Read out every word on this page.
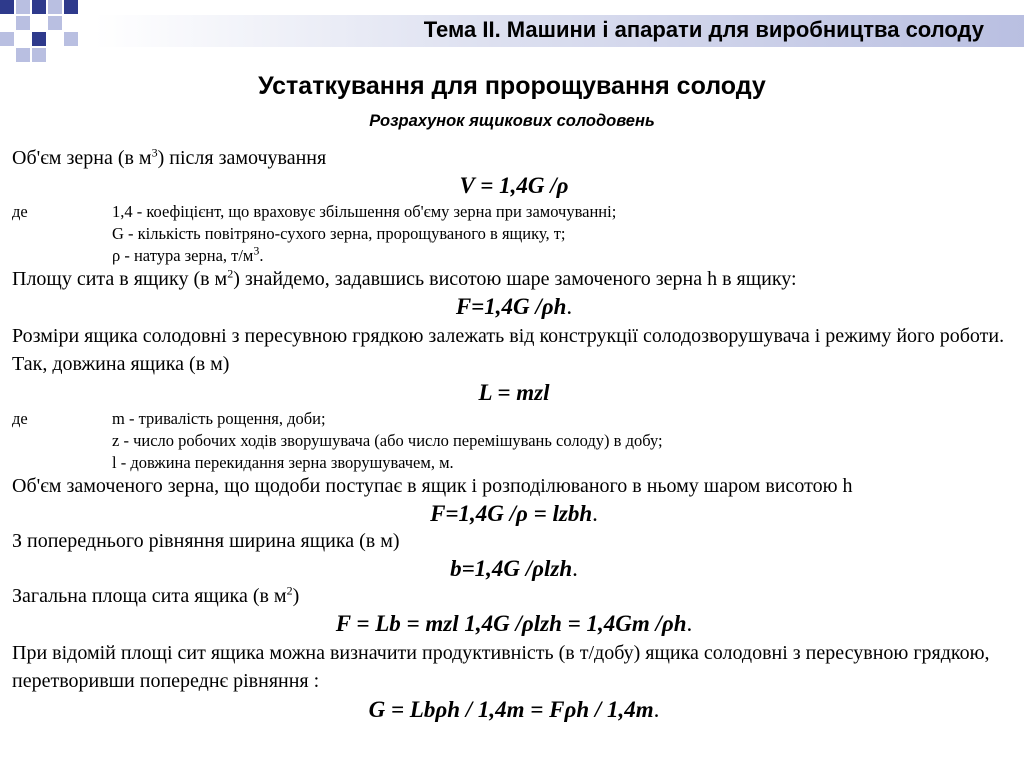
Тема ІІ. Машини і апарати для виробництва солоду
Устаткування для пророщування солоду
Розрахунок ящикових солодовень
Об'єм зерна (в $м^3$) після замочування
V = 1,4G /ρ
де	1,4 - коефіцієнт, що враховує збільшення об'єму зерна при замочуванні;
G - кількість повітряно-сухого зерна, пророщуваного в ящику, т;
ρ - натура зерна, $т/м^3$.
Площу сита в ящику (в $м^2$) знайдемо, задавшись висотою шаре замоченого зерна h в ящику:
F=1,4G /ρh.
Розміри ящика солодовні з пересувною грядкою залежать від конструкції солодозворушувача і режиму його роботи. Так, довжина ящика (в м)
L = mzl
де	m - тривалість рощення, доби;
z - число робочих ходів зворушувача (або число перемішувань солоду) в добу;
l - довжина перекидання зерна зворушувачем, м.
Об'єм замоченого зерна, що щодоби поступає в ящик і розподілюваного в ньому шаром висотою h
F=1,4G /ρ = lzbh.
З попереднього рівняння ширина ящика (в м)
b=1,4G /ρlzh.
Загальна площа сита ящика (в $м^2$)
F = Lb = mzl 1,4G /ρlzh = 1,4Gm /ρh.
При відомій площі сит ящика можна визначити продуктивність (в т/добу) ящика солодовні з пересувною грядкою, перетворивши попереднє рівняння :
G = Lbρh / 1,4m = Fρh / 1,4m.
